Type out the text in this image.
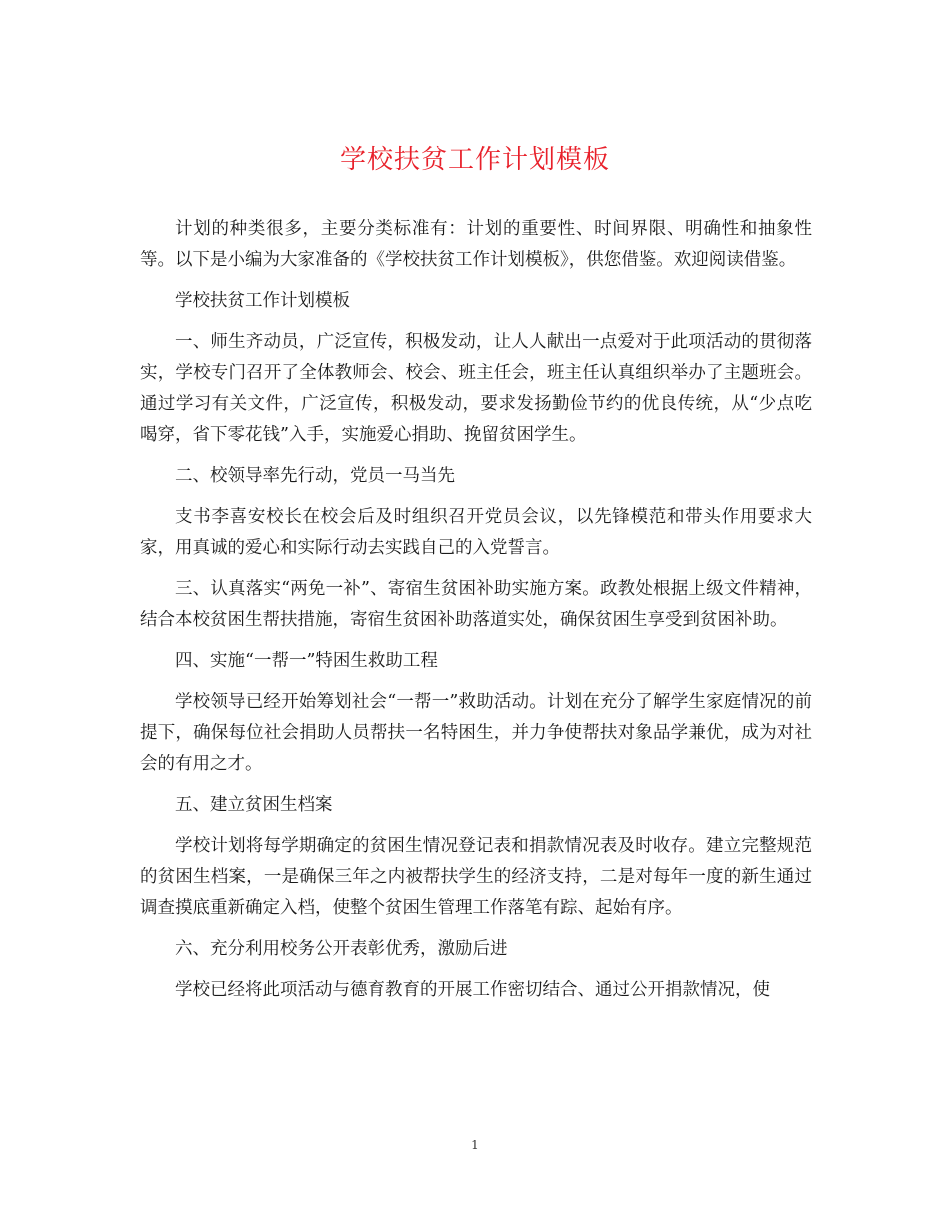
学校扶贫工作计划模板

计划的种类很多，主要分类标准有：计划的重要性、时间界限、明确性和抽象性等。以下是小编为大家准备的《学校扶贫工作计划模板》，供您借鉴。欢迎阅读借鉴。

学校扶贫工作计划模板

一、师生齐动员，广泛宣传，积极发动，让人人献出一点爱对于此项活动的贯彻落实，学校专门召开了全体教师会、校会、班主任会，班主任认真组织举办了主题班会。通过学习有关文件，广泛宣传，积极发动，要求发扬勤俭节约的优良传统，从“少点吃喝穿，省下零花钱”入手，实施爱心捐助、挽留贫困学生。

二、校领导率先行动，党员一马当先

支书李喜安校长在校会后及时组织召开党员会议，以先锋模范和带头作用要求大家，用真诚的爱心和实际行动去实践自己的入党誓言。

三、认真落实“两免一补”、寄宿生贫困补助实施方案。政教处根据上级文件精神，结合本校贫困生帮扶措施，寄宿生贫困补助落道实处，确保贫困生享受到贫困补助。

四、实施“一帮一”特困生救助工程

学校领导已经开始筹划社会“一帮一”救助活动。计划在充分了解学生家庭情况的前提下，确保每位社会捐助人员帮扶一名特困生，并力争使帮扶对象品学兼优，成为对社会的有用之才。

五、建立贫困生档案

学校计划将每学期确定的贫困生情况登记表和捐款情况表及时收存。建立完整规范的贫困生档案，一是确保三年之内被帮扶学生的经济支持，二是对每年一度的新生通过调查摸底重新确定入档，使整个贫困生管理工作落笔有踪、起始有序。

六、充分利用校务公开表彰优秀，激励后进

学校已经将此项活动与德育教育的开展工作密切结合、通过公开捐款情况，使

1
